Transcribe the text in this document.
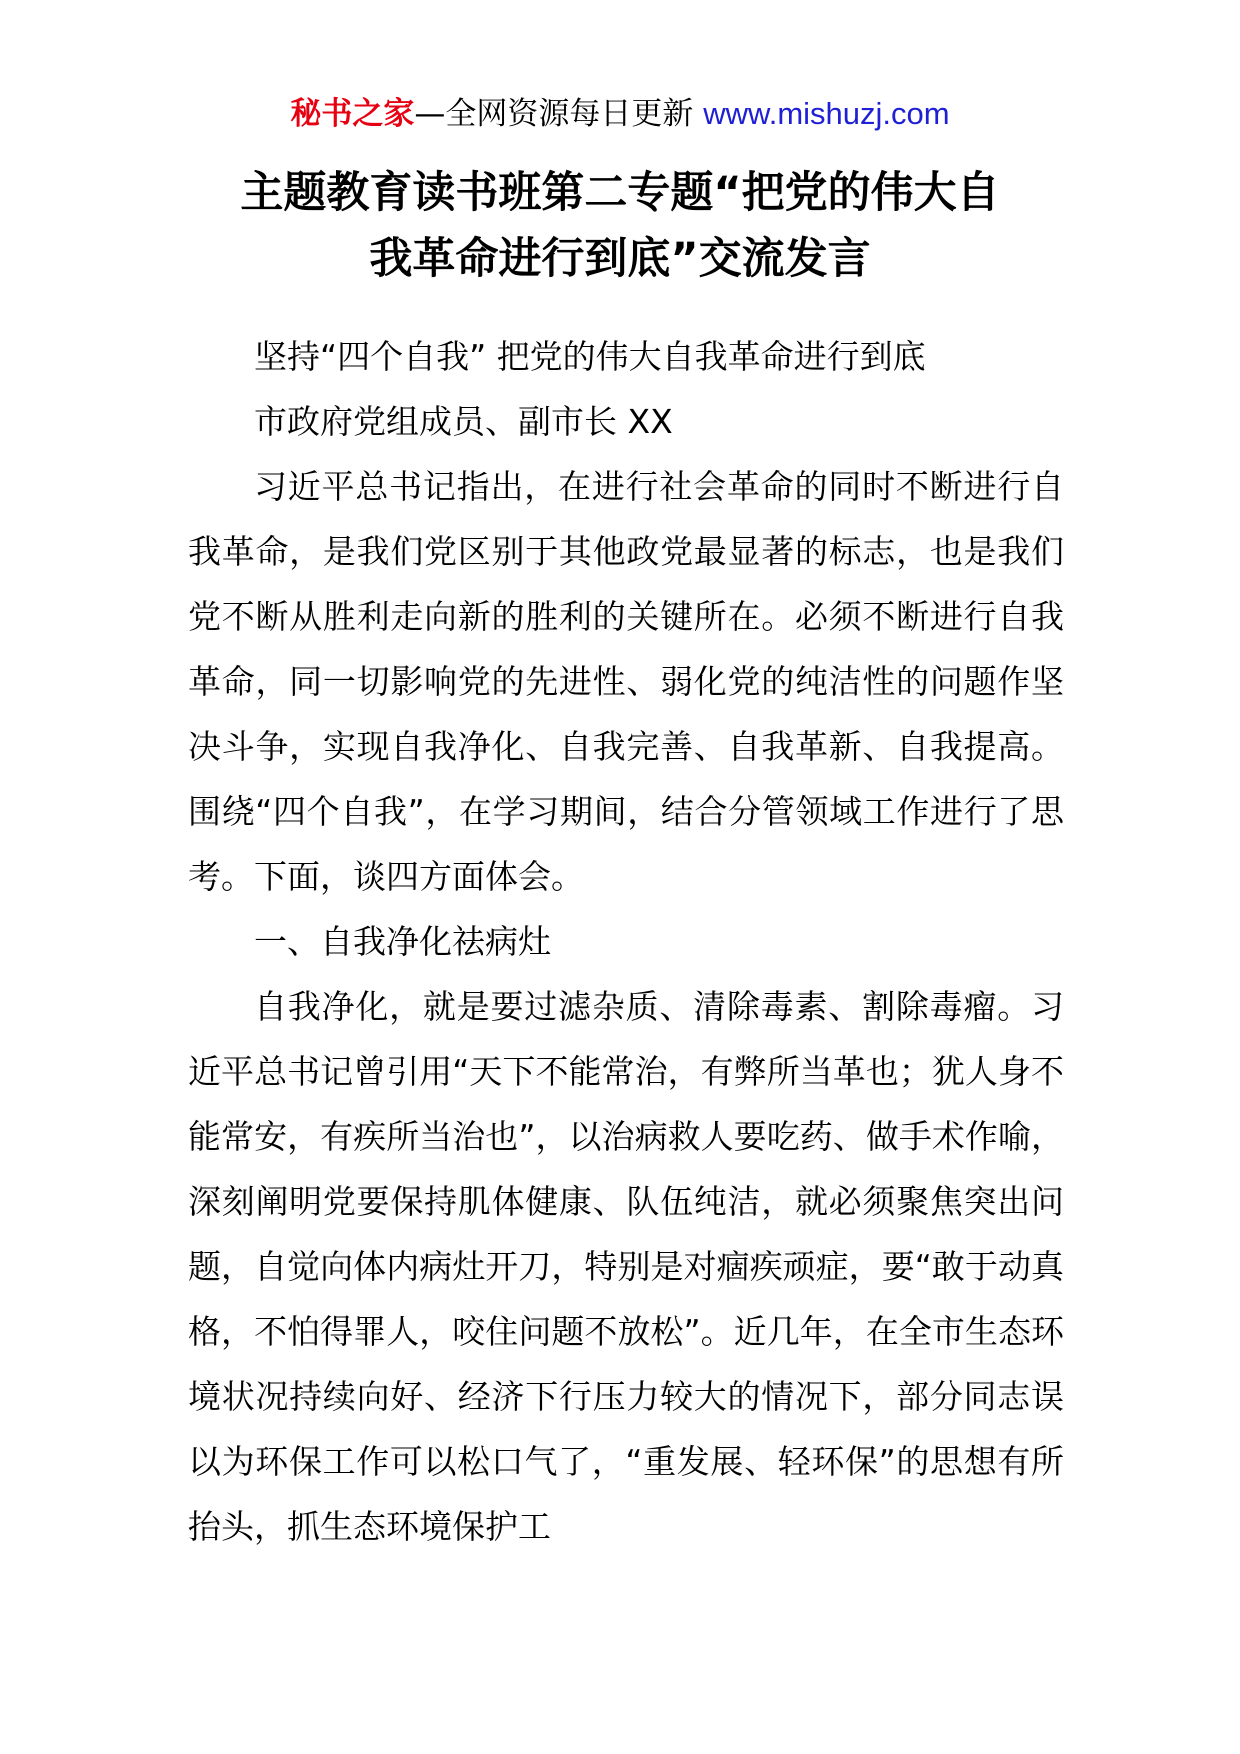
秘书之家—全网资源每日更新 www.mishuzj.com
主题教育读书班第二专题“把党的伟大自
我革命进行到底”交流发言

坚持“四个自我” 把党的伟大自我革命进行到底

市政府党组成员、副市长 XX

习近平总书记指出，在进行社会革命的同时不断进行自我革命，是我们党区别于其他政党最显著的标志，也是我们党不断从胜利走向新的胜利的关键所在。必须不断进行自我革命，同一切影响党的先进性、弱化党的纯洁性的问题作坚决斗争，实现自我净化、自我完善、自我革新、自我提高。围绕“四个自我”，在学习期间，结合分管领域工作进行了思考。下面，谈四方面体会。

一、自我净化祛病灶

自我净化，就是要过滤杂质、清除毒素、割除毒瘤。习近平总书记曾引用“天下不能常治，有弊所当革也；犹人身不能常安，有疾所当治也”，以治病救人要吃药、做手术作喻，深刻阐明党要保持肌体健康、队伍纯洁，就必须聚焦突出问题，自觉向体内病灶开刀，特别是对痼疾顽症，要“敢于动真格，不怕得罪人，咬住问题不放松”。近几年，在全市生态环境状况持续向好、经济下行压力较大的情况下，部分同志误以为环保工作可以松口气了，“重发展、轻环保”的思想有所抬头，抓生态环境保护工
